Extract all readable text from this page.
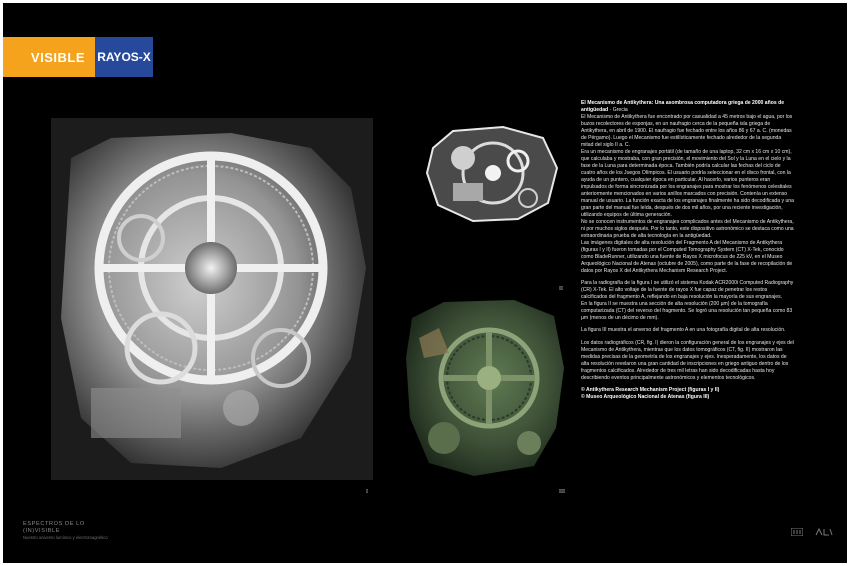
VISIBLE	RAYOS-X
I
II
III

El Mecanismo de Antikythera: Una asombrosa computadora griega de 2000 años de antigüedad - Grecia
El Mecanismo de Antikythera fue encontrado por casualidad a 45 metros bajo el agua, por los buzos recolectores de esponjas, en un naufragio cerca de la pequeña isla griega de Antikythera, en abril de 1900. El naufragio fue fechado entre los años 86 y 67 a. C. (monedas de Pérgamo). Luego el Mecanismo fue estilísticamente fechado alrededor de la segunda mitad del siglo II a. C.
Era un mecanismo de engranajes portátil (de tamaño de una laptop, 32 cm x 16 cm x 10 cm), que calculaba y mostraba, con gran precisión, el movimiento del Sol y la Luna en el cielo y la fase de la Luna para determinada época. También podría calcular las fechas del ciclo de cuatro años de los Juegos Olímpicos. El usuario podría seleccionar en el disco frontal, con la ayuda de un puntero, cualquier época en particular. Al hacerlo, varios punteros eran impulsados de forma sincronizada por los engranajes para mostrar los fenómenos celestiales anteriormente mencionados en varios anillos marcados con precisión. Contenía un extenso manual de usuario. La función exacta de los engranajes finalmente ha sido decodificada y una gran parte del manual fue leída, después de dos mil años, por una reciente investigación, utilizando equipos de última generación.
No se conocen instrumentos de engranajes complicados antes del Mecanismo de Antikythera, ni por muchos siglos después. Por lo tanto, este dispositivo astronómico se destaca como una extraordinaria prueba de alta tecnología en la antigüedad.
Las imágenes digitales de alta resolución del Fragmento A del Mecanismo de Antikythera (figuras I y II) fueron tomadas por el Computed Tomography System (CT) X-Tek, conocido como BladeRunner, utilizando una fuente de Rayos X microfocus de 225 kV, en el Museo Arqueológico Nacional de Atenas (octubre de 2005), como parte de la fase de recopilación de datos por Rayos X del Antikythera Mechanism Research Project.

Para la radiografía de la figura I se utilizó el sistema Kodak ACR2000i Computed Radiography (CR) X-Tek. El alto voltaje de la fuente de rayos X fue capaz de penetrar los restos calcificados del fragmento A, reflejando en baja resolución la mayoría de sus engranajes.
En la figura II se muestra una sección de alta resolución (200 µm) de la tomografía computarizada (CT) del reverso del fragmento. Se logró una resolución tan pequeña como 83 µm (menos de un décimo de mm).

La figura III muestra el anverso del fragmento A en una fotografía digital de alta resolución.

Los datos radiográficos (CR, fig. I) dieron la configuración general de los engranajes y ejes del Mecanismo de Antikythera, mientras que los datos tomográficos (CT, fig. II) mostraron las medidas precisas de la geometría de los engranajes y ejes. Inesperadamente, los datos de alta resolución revelaron una gran cantidad de inscripciones en griego antiguo dentro de los fragmentos calcificados. Alrededor de tres mil letras han sido decodificadas hasta hoy describiendo eventos principalmente astronómicos y elementos tecnológicos.

© Antikythera Research Mechanism Project (figuras I y II)
© Museo Arqueológico Nacional de Atenas (figura III)
ESPECTROS DE LO
(IN)VISIBLE
Nuestro universo lumínico y electromagnético
